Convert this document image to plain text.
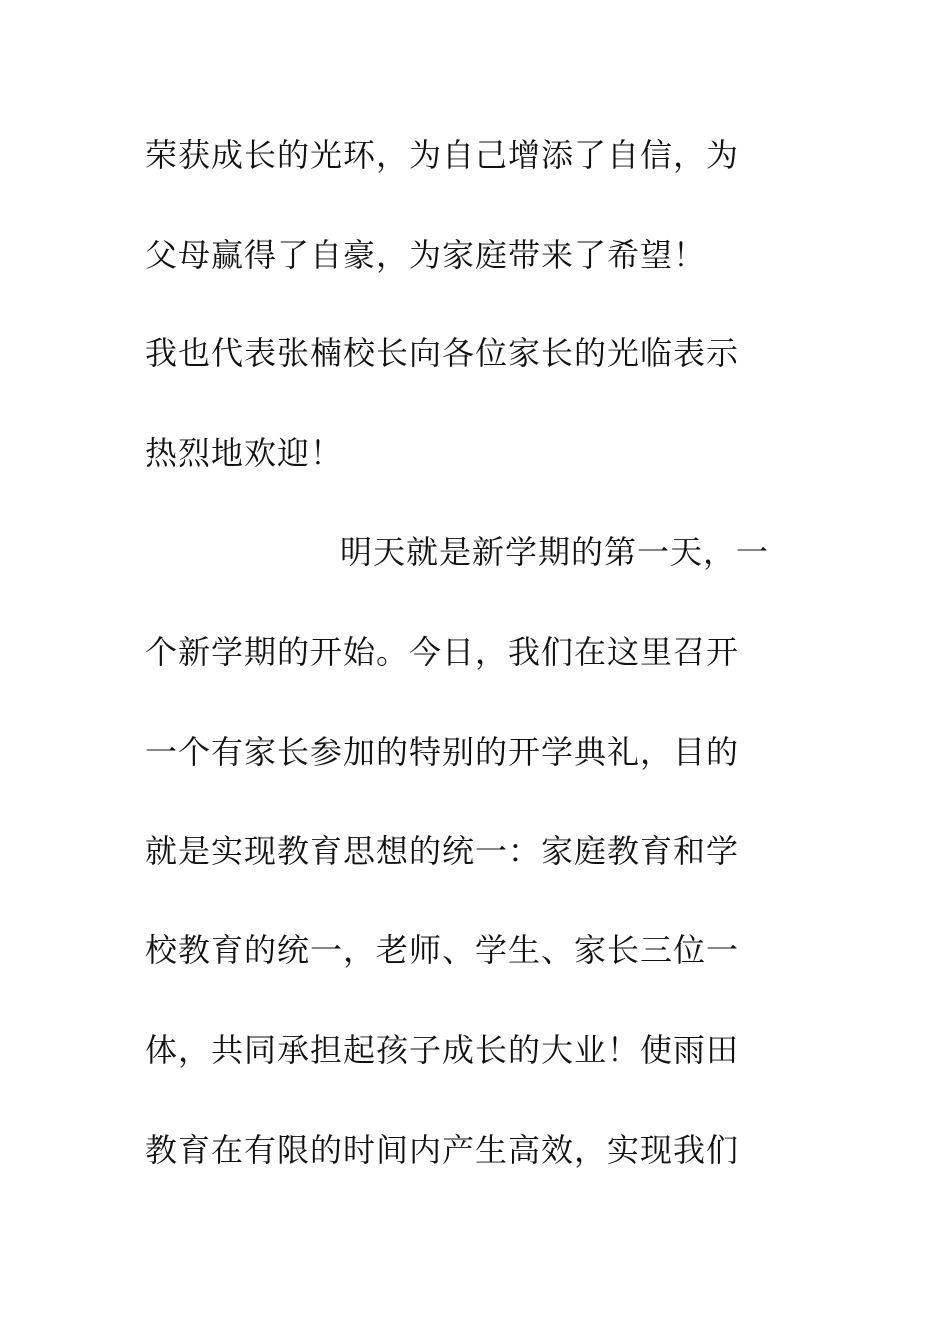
荣获成长的光环，为自己增添了自信，为
父母赢得了自豪，为家庭带来了希望！
我也代表张楠校长向各位家长的光临表示
热烈地欢迎！
明天就是新学期的第一天，一
个新学期的开始。今日，我们在这里召开
一个有家长参加的特别的开学典礼，目的
就是实现教育思想的统一：家庭教育和学
校教育的统一，老师、学生、家长三位一
体，共同承担起孩子成长的大业！使雨田
教育在有限的时间内产生高效，实现我们
